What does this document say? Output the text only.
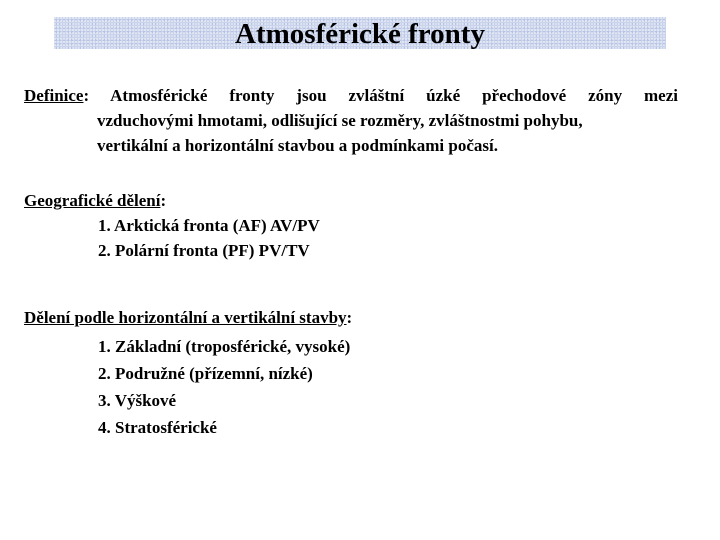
Atmosférické fronty
Definice: Atmosférické fronty jsou zvláštní úzké přechodové zóny mezi
vzduchovými hmotami, odlišující se rozměry, zvláštnostmi pohybu,
vertikální a horizontální stavbou a podmínkami počasí.
Geografické dělení:
1. Arktická fronta (AF) AV/PV
2. Polární fronta (PF) PV/TV
Dělení podle horizontální a vertikální stavby:
1. Základní (troposférické, vysoké)
2. Podružné (přízemní, nízké)
3. Výškové
4. Stratosférické
